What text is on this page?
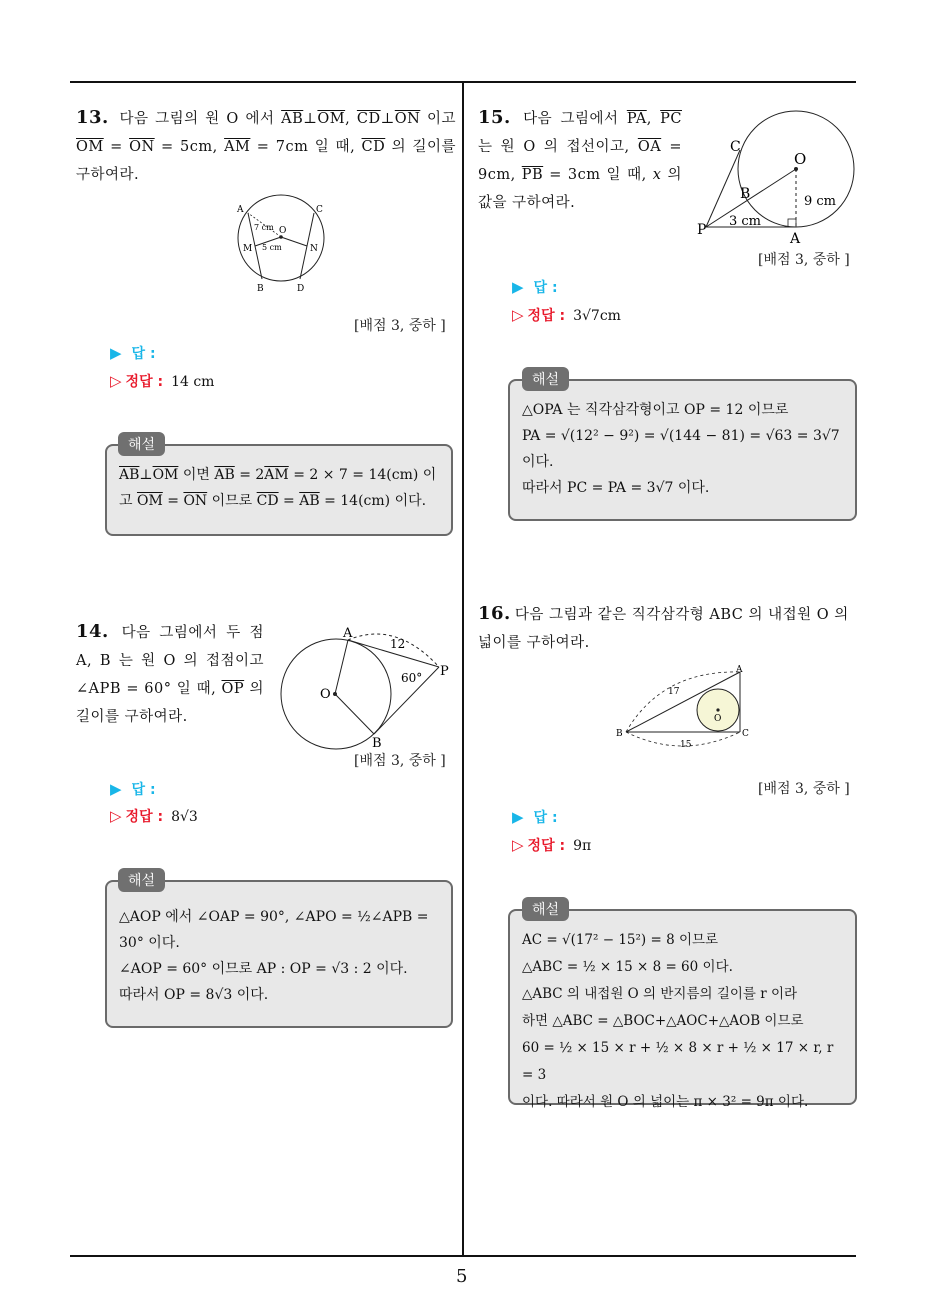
5
13. 다음 그림의 원 O 에서 $\overline{AB}\perp\overline{OM}$, $\overline{CD}\perp\overline{ON}$ 이고 $\overline{OM} = \overline{ON} = 5cm$, $\overline{AM} = 7cm$ 일 때, $\overline{CD}$ 의 길이를 구하여라.
A	C
M	N
B	D
O
7 cm
5 cm
[배점 3, 중하 ]
▶ 답 :
▷ 정답 : 14 cm

$\overline{AB}\perp\overline{OM}$ 이면 $\overline{AB} = 2\overline{AM} = 2 \times 7 = 14(cm)$ 이고 $\overline{OM} = \overline{ON}$ 이므로 $\overline{CD} = \overline{AB} = 14(cm)$ 이다.

해설
14. 다음 그림에서 두 점 A, B 는 원 O 의 접점이고 ∠APB = 60° 일 때, $\overline{OP}$ 의 길이를 구하여라.
A
B
O
P
12
60°
[배점 3, 중하 ]
▶ 답 :
▷ 정답 : 8√3

△AOP 에서 ∠OAP = 90°, ∠APO = ½∠APB = 30° 이다.

∠AOP = 60° 이므로 AP : OP = √3 : 2 이다.

따라서 OP = 8√3 이다.

해설
15. 다음 그림에서 $\overline{PA}$, $\overline{PC}$ 는 원 O 의 접선이고, $\overline{OA} = 9cm$, $\overline{PB} = 3cm$ 일 때, x 의 값을 구하여라.
C
O
B	9 cm
P
3 cm
A
[배점 3, 중하 ]
▶ 답 :
▷ 정답 : 3√7cm

△OPA 는 직각삼각형이고 OP = 12 이므로

PA = √(12² − 9²) = √(144 − 81) = √63 = 3√7

이다.

따라서 PC = PA = 3√7 이다.

해설
16. 다음 그림과 같은 직각삼각형 ABC 의 내접원 O 의 넓이를 구하여라.
A
B	C
O
17
15
[배점 3, 중하 ]
▶ 답 :
▷ 정답 : 9π

AC = √(17² − 15²) = 8 이므로

△ABC = ½ × 15 × 8 = 60 이다.

△ABC 의 내접원 O 의 반지름의 길이를 r 이라

하면 △ABC = △BOC+△AOC+△AOB 이므로

60 = ½ × 15 × r + ½ × 8 × r + ½ × 17 × r, r = 3

이다. 따라서 원 O 의 넓이는 π × 3² = 9π 이다.

해설
